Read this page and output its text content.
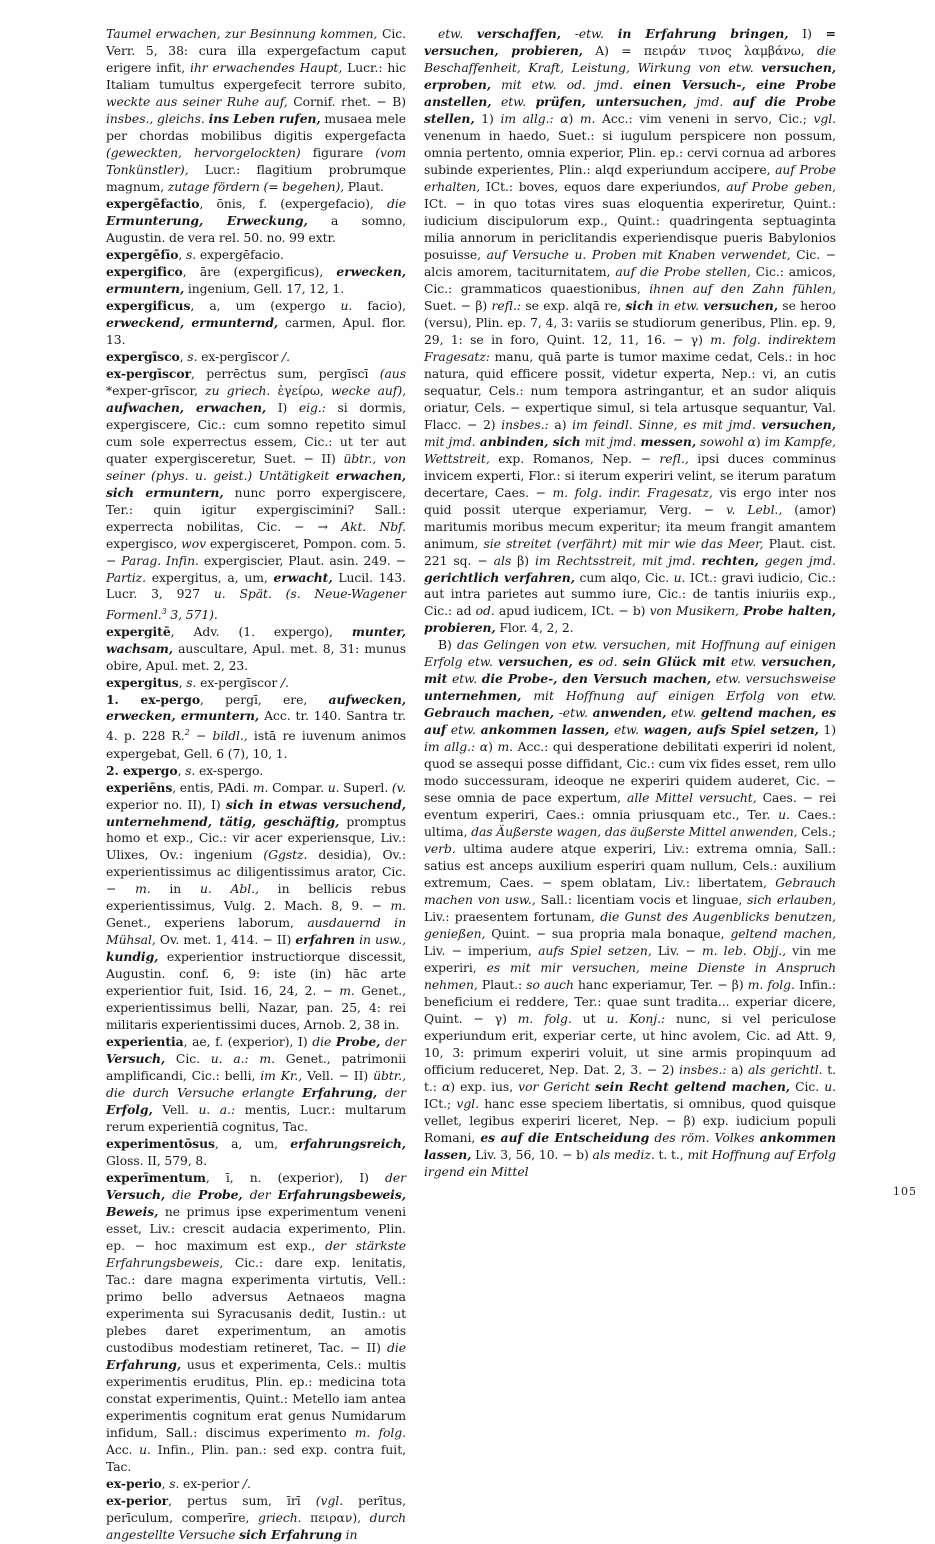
Taumel erwachen, zur Besinnung kommen, Cic. Verr. 5, 38: cura illa expergefactum caput erigere infit, ihr erwachendes Haupt, Lucr.: hic Italiam tumultus expergefecit terrore subito, weckte aus seiner Ruhe auf, Cornif. rhet. − B) insbes., gleichs. ins Leben rufen, musaea mele per chordas mobilibus digitis expergefacta (geweckten, hervorgelockten) figurare (vom Tonkünstler), Lucr.: flagitium probrumque magnum, zutage fördern (= begehen), Plaut.

expergēfactio, ōnis, f. (expergefacio), die Ermunterung, Erweckung, a somno, Augustin. de vera rel. 50. no. 99 extr.

expergēfīo, s. expergēfacio.

expergifico, āre (expergificus), erwecken, ermuntern, ingenium, Gell. 17, 12, 1.

expergificus, a, um (expergo u. facio), erweckend, ermunternd, carmen, Apul. flor. 13.

expergīsco, s. ex-pergīscor /.

ex-pergīscor, perrēctus sum, pergīscī (aus *exper-grīscor, zu griech. ἐγείρω, wecke auf), aufwachen, erwachen, I) eig.: si dormis, expergiscere, Cic.: cum somno repetito simul cum sole experrectus essem, Cic.: ut ter aut quater expergisceretur, Suet. − II) übtr., von seiner (phys. u. geist.) Untätigkeit erwachen, sich ermuntern, nunc porro expergiscere, Ter.: quin igitur expergiscimini? Sall.: experrecta nobilitas, Cic. − → Akt. Nbf. expergisco, wov expergisceret, Pompon. com. 5. − Parag. Infin. expergiscier, Plaut. asin. 249. − Partiz. expergitus, a, um, erwacht, Lucil. 143. Lucr. 3, 927 u. Spät. (s. Neue-Wagener Formenl.$^3$ 3, 571).

expergitē, Adv. (1. expergo), munter, wachsam, auscultare, Apul. met. 8, 31: munus obire, Apul. met. 2, 23.

expergitus, s. ex-pergīscor /.

1. ex-pergo, pergī, ere, aufwecken, erwecken, ermuntern, Acc. tr. 140. Santra tr. 4. p. 228 R.$^2$ − bildl., istā re iuvenum animos expergebat, Gell. 6 (7), 10, 1.

2. expergo, s. ex-spergo.

experiēns, entis, PAdi. m. Compar. u. Superl. (v. experior no. II), I) sich in etwas versuchend, unternehmend, tätig, geschäftig, promptus homo et exp., Cic.: vir acer experiensque, Liv.: Ulixes, Ov.: ingenium (Ggstz. desidia), Ov.: experientissimus ac diligentissimus arator, Cic. − m. in u. Abl., in bellicis rebus experientissimus, Vulg. 2. Mach. 8, 9. − m. Genet., experiens laborum, ausdauernd in Mühsal, Ov. met. 1, 414. − II) erfahren in usw., kundig, experientior instructiorque discessit, Augustin. conf. 6, 9: iste (in) hāc arte experientior fuit, Isid. 16, 24, 2. − m. Genet., experientissimus belli, Nazar, pan. 25, 4: rei militaris experientissimi duces, Arnob. 2, 38 in.

experientia, ae, f. (experior), I) die Probe, der Versuch, Cic. u. a.: m. Genet., patrimonii amplificandi, Cic.: belli, im Kr., Vell. − II) übtr., die durch Versuche erlangte Erfahrung, der Erfolg, Vell. u. a.: mentis, Lucr.: multarum rerum experientiā cognitus, Tac.

experimentōsus, a, um, erfahrungsreich, Gloss. II, 579, 8.

experīmentum, ī, n. (experior), I) der Versuch, die Probe, der Erfahrungsbeweis, Beweis, ne primus ipse experimentum veneni esset, Liv.: crescit audacia experimento, Plin. ep. − hoc maximum est exp., der stärkste Erfahrungsbeweis, Cic.: dare exp. lenitatis, Tac.: dare magna experimenta virtutis, Vell.: primo bello adversus Aetnaeos magna experimenta sui Syracusanis dedit, Iustin.: ut plebes daret experimentum, an amotis custodibus modestiam retineret, Tac. − II) die Erfahrung, usus et experimenta, Cels.: multis experimentis eruditus, Plin. ep.: medicina tota constat experimentis, Quint.: Metello iam antea experimentis cognitum erat genus Numidarum infidum, Sall.: discimus experimento m. folg. Acc. u. Infin., Plin. pan.: sed exp. contra fuit, Tac.

ex-perio, s. ex-perior /.

ex-perior, pertus sum, īrī (vgl. perītus, perīculum, comperīre, griech. πειραν), durch angestellte Versuche sich Erfahrung in

etw. verschaffen, -etw. in Erfahrung bringen, I) = versuchen, probieren, A) = πειράν τινος λαμβάνω, die Beschaffenheit, Kraft, Leistung, Wirkung von etw. versuchen, erproben, mit etw. od. jmd. einen Versuch-, eine Probe anstellen, etw. prüfen, untersuchen, jmd. auf die Probe stellen, 1) im allg.: α) m. Acc.: vim veneni in servo, Cic.; vgl. venenum in haedo, Suet.: si iugulum perspicere non possum, omnia pertento, omnia experior, Plin. ep.: cervi cornua ad arbores subinde experientes, Plin.: alqd experiundum accipere, auf Probe erhalten, ICt.: boves, equos dare experiundos, auf Probe geben, ICt. − in quo totas vires suas eloquentia experiretur, Quint.: iudicium discipulorum exp., Quint.: quadringenta septuaginta milia annorum in periclitandis experiendisque pueris Babylonios posuisse, auf Versuche u. Proben mit Knaben verwendet, Cic. − alcis amorem, taciturnitatem, auf die Probe stellen, Cic.: amicos, Cic.: grammaticos quaestionibus, ihnen auf den Zahn fühlen, Suet. − β) refl.: se exp. alqā re, sich in etw. versuchen, se heroo (versu), Plin. ep. 7, 4, 3: variis se studiorum generibus, Plin. ep. 9, 29, 1: se in foro, Quint. 12, 11, 16. − γ) m. folg. indirektem Fragesatz: manu, quā parte is tumor maxime cedat, Cels.: in hoc natura, quid efficere possit, videtur experta, Nep.: vi, an cutis sequatur, Cels.: num tempora astringantur, et an sudor aliquis oriatur, Cels. − expertique simul, si tela artusque sequantur, Val. Flacc. − 2) insbes.: a) im feindl. Sinne, es mit jmd. versuchen, mit jmd. anbinden, sich mit jmd. messen, sowohl α) im Kampfe, Wettstreit, exp. Romanos, Nep. − refl., ipsi duces comminus invicem experti, Flor.: si iterum experiri velint, se iterum paratum decertare, Caes. − m. folg. indir. Fragesatz, vis ergo inter nos quid possit uterque experiamur, Verg. − v. Lebl., (amor) maritumis moribus mecum experitur; ita meum frangit amantem animum, sie streitet (verfährt) mit mir wie das Meer, Plaut. cist. 221 sq. − als β) im Rechtsstreit, mit jmd. rechten, gegen jmd. gerichtlich verfahren, cum alqo, Cic. u. ICt.: gravi iudicio, Cic.: aut intra parietes aut summo iure, Cic.: de tantis iniuriis exp., Cic.: ad od. apud iudicem, ICt. − b) von Musikern, Probe halten, probieren, Flor. 4, 2, 2.

B) das Gelingen von etw. versuchen, mit Hoffnung auf einigen Erfolg etw. versuchen, es od. sein Glück mit etw. versuchen, mit etw. die Probe-, den Versuch machen, etw. versuchsweise unternehmen, mit Hoffnung auf einigen Erfolg von etw. Gebrauch machen, -etw. anwenden, etw. geltend machen, es auf etw. ankommen lassen, etw. wagen, aufs Spiel setzen, 1) im allg.: α) m. Acc.: qui desperatione debilitati experiri id nolent, quod se assequi posse diffidant, Cic.: cum vix fides esset, rem ullo modo successuram, ideoque ne experiri quidem auderet, Cic. − sese omnia de pace expertum, alle Mittel versucht, Caes. − rei eventum experiri, Caes.: omnia priusquam etc., Ter. u. Caes.: ultima, das Äußerste wagen, das äußerste Mittel anwenden, Cels.; verb. ultima audere atque experiri, Liv.: extrema omnia, Sall.: satius est anceps auxilium esperiri quam nullum, Cels.: auxilium extremum, Caes. − spem oblatam, Liv.: libertatem, Gebrauch machen von usw., Sall.: licentiam vocis et linguae, sich erlauben, Liv.: praesentem fortunam, die Gunst des Augenblicks benutzen, genießen, Quint. − sua propria mala bonaque, geltend machen, Liv. − imperium, aufs Spiel setzen, Liv. − m. leb. Objj., vin me experiri, es mit mir versuchen, meine Dienste in Anspruch nehmen, Plaut.: so auch hanc experiamur, Ter. − β) m. folg. Infin.: beneficium ei reddere, Ter.: quae sunt tradita... experiar dicere, Quint. − γ) m. folg. ut u. Konj.: nunc, si vel periculose experiundum erit, experiar certe, ut hinc avolem, Cic. ad Att. 9, 10, 3: primum experiri voluit, ut sine armis propinquum ad officium reduceret, Nep. Dat. 2, 3. − 2) insbes.: a) als gerichtl. t. t.: α) exp. ius, vor Gericht sein Recht geltend machen, Cic. u. ICt.; vgl. hanc esse speciem libertatis, si omnibus, quod quisque vellet, legibus experiri liceret, Nep. − β) exp. iudicium populi Romani, es auf die Entscheidung des röm. Volkes ankommen lassen, Liv. 3, 56, 10. − b) als mediz. t. t., mit Hoffnung auf Erfolg irgend ein Mittel

105
